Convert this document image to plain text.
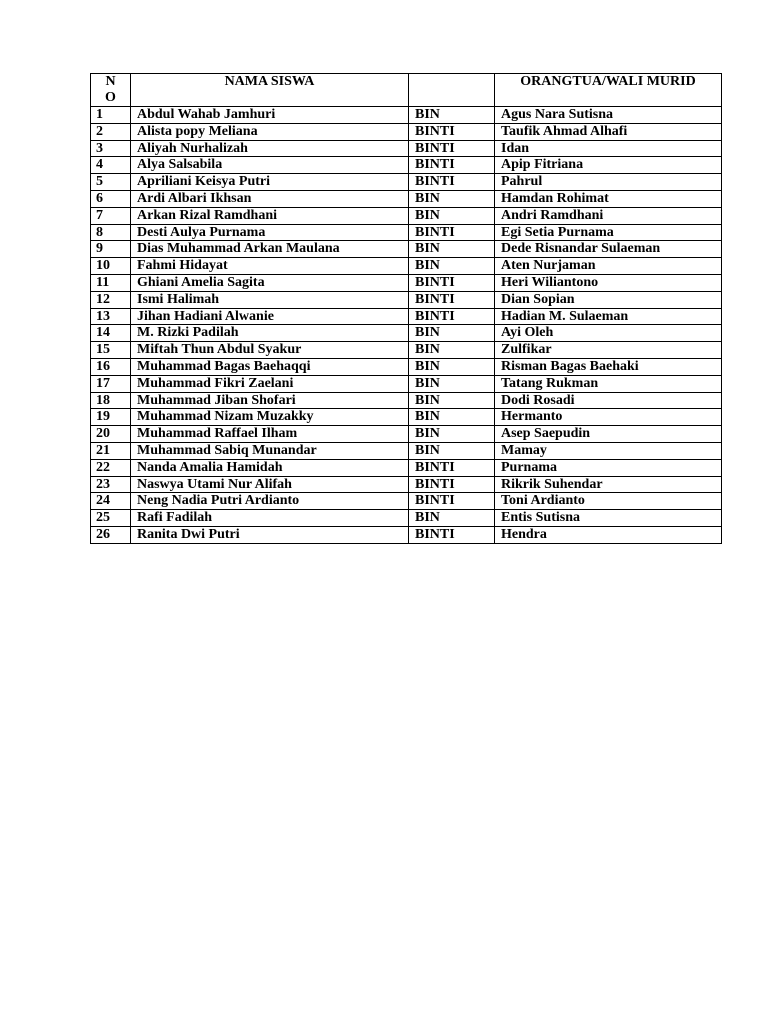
N
O	NAMA SISWA		ORANGTUA/WALI MURID
1	Abdul Wahab Jamhuri	BIN	Agus Nara Sutisna
2	Alista popy Meliana	BINTI	Taufik Ahmad Alhafi
3	Aliyah Nurhalizah	BINTI	Idan
4	Alya Salsabila	BINTI	Apip Fitriana
5	Apriliani Keisya Putri	BINTI	Pahrul
6	Ardi Albari Ikhsan	BIN	Hamdan Rohimat
7	Arkan Rizal Ramdhani	BIN	Andri Ramdhani
8	Desti Aulya Purnama	BINTI	Egi Setia Purnama
9	Dias Muhammad Arkan Maulana	BIN	Dede Risnandar Sulaeman
10	Fahmi Hidayat	BIN	Aten Nurjaman
11	Ghiani Amelia Sagita	BINTI	Heri Wiliantono
12	Ismi Halimah	BINTI	Dian Sopian
13	Jihan Hadiani Alwanie	BINTI	Hadian M. Sulaeman
14	M. Rizki Padilah	BIN	Ayi Oleh
15	Miftah Thun Abdul Syakur	BIN	Zulfikar
16	Muhammad Bagas Baehaqqi	BIN	Risman Bagas Baehaki
17	Muhammad Fikri Zaelani	BIN	Tatang Rukman
18	Muhammad Jiban Shofari	BIN	Dodi Rosadi
19	Muhammad Nizam Muzakky	BIN	Hermanto
20	Muhammad Raffael Ilham	BIN	Asep Saepudin
21	Muhammad Sabiq Munandar	BIN	Mamay
22	Nanda Amalia Hamidah	BINTI	Purnama
23	Naswya Utami Nur Alifah	BINTI	Rikrik Suhendar
24	Neng Nadia Putri Ardianto	BINTI	Toni Ardianto
25	Rafi Fadilah	BIN	Entis Sutisna
26	Ranita Dwi Putri	BINTI	Hendra
